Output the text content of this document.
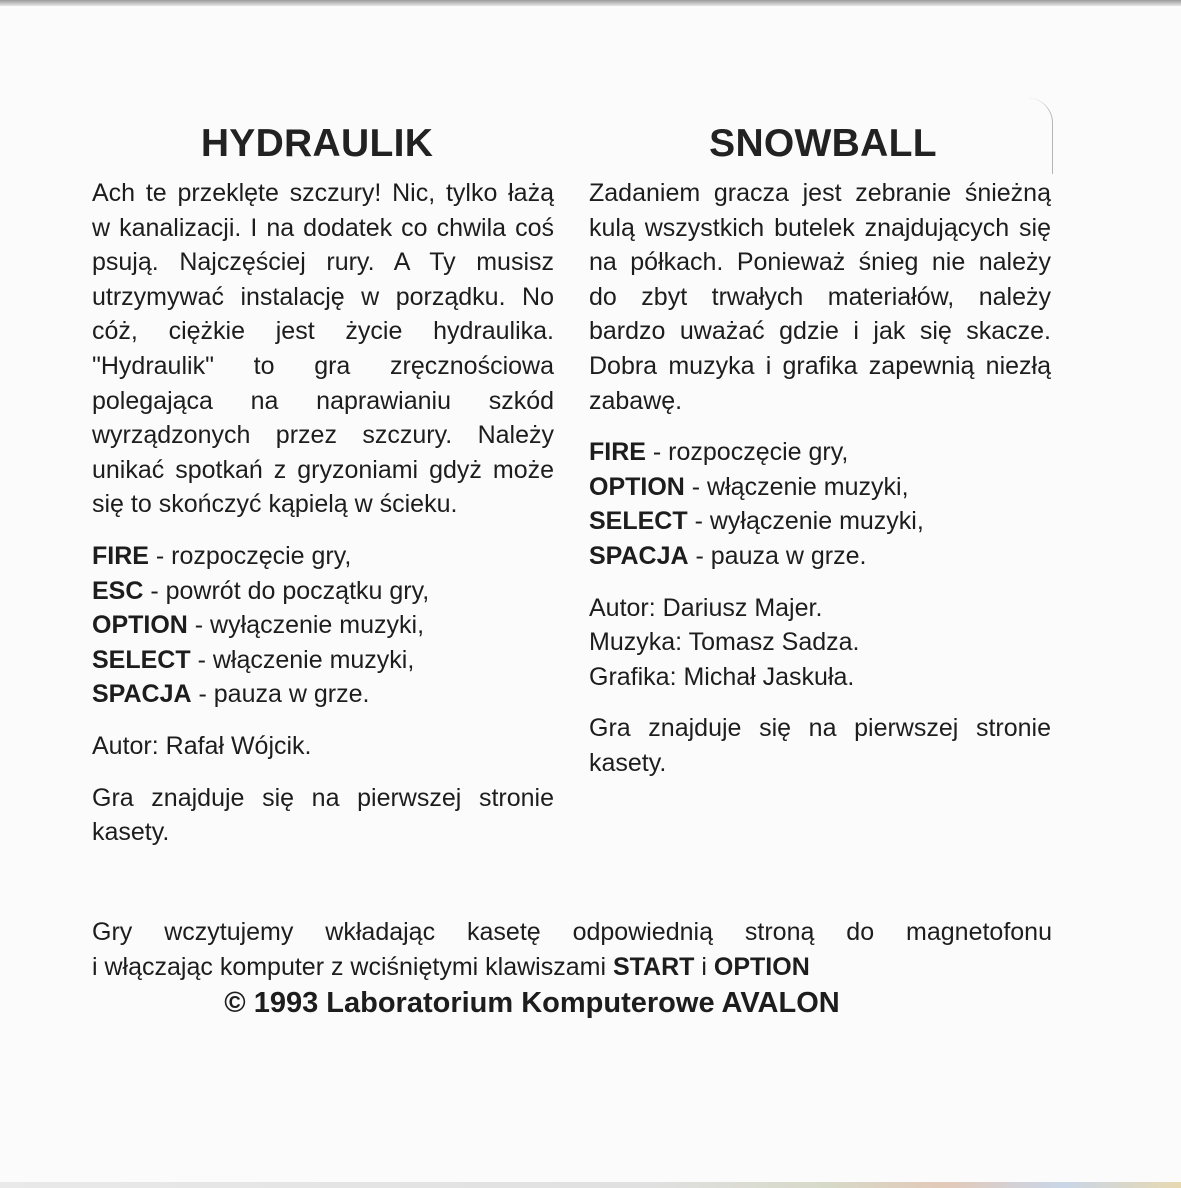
HYDRAULIK

Ach te przeklęte szczury! Nic, tylko łażą w kanalizacji. I na dodatek co chwila coś psują. Najczęściej rury. A Ty musisz utrzymywać instalację w porządku. No cóż, ciężkie jest życie hydraulika. "Hydraulik" to gra zręcznościowa polegająca na naprawianiu szkód wyrządzonych przez szczury. Należy unikać spotkań z gryzoniami gdyż może się to skończyć kąpielą w ścieku.

FIRE - rozpoczęcie gry,

ESC - powrót do początku gry,

OPTION - wyłączenie muzyki,

SELECT - włączenie muzyki,

SPACJA - pauza w grze.

Autor: Rafał Wójcik.

Gra znajduje się na pierwszej stronie kasety.

SNOWBALL

Zadaniem gracza jest zebranie śnieżną kulą wszystkich butelek znajdujących się na półkach. Ponieważ śnieg nie należy do zbyt trwałych materiałów, należy bardzo uważać gdzie i jak się skacze. Dobra muzyka i grafika zapewnią niezłą zabawę.

FIRE - rozpoczęcie gry,

OPTION - włączenie muzyki,

SELECT - wyłączenie muzyki,

SPACJA - pauza w grze.

Autor: Dariusz Majer.

Muzyka: Tomasz Sadza.

Grafika: Michał Jaskuła.

Gra znajduje się na pierwszej stronie kasety.

Gry wczytujemy wkładając kasetę odpowiednią stroną do magnetofonu

i włączając komputer z wciśniętymi klawiszami START i OPTION

© 1993 Laboratorium Komputerowe AVALON
